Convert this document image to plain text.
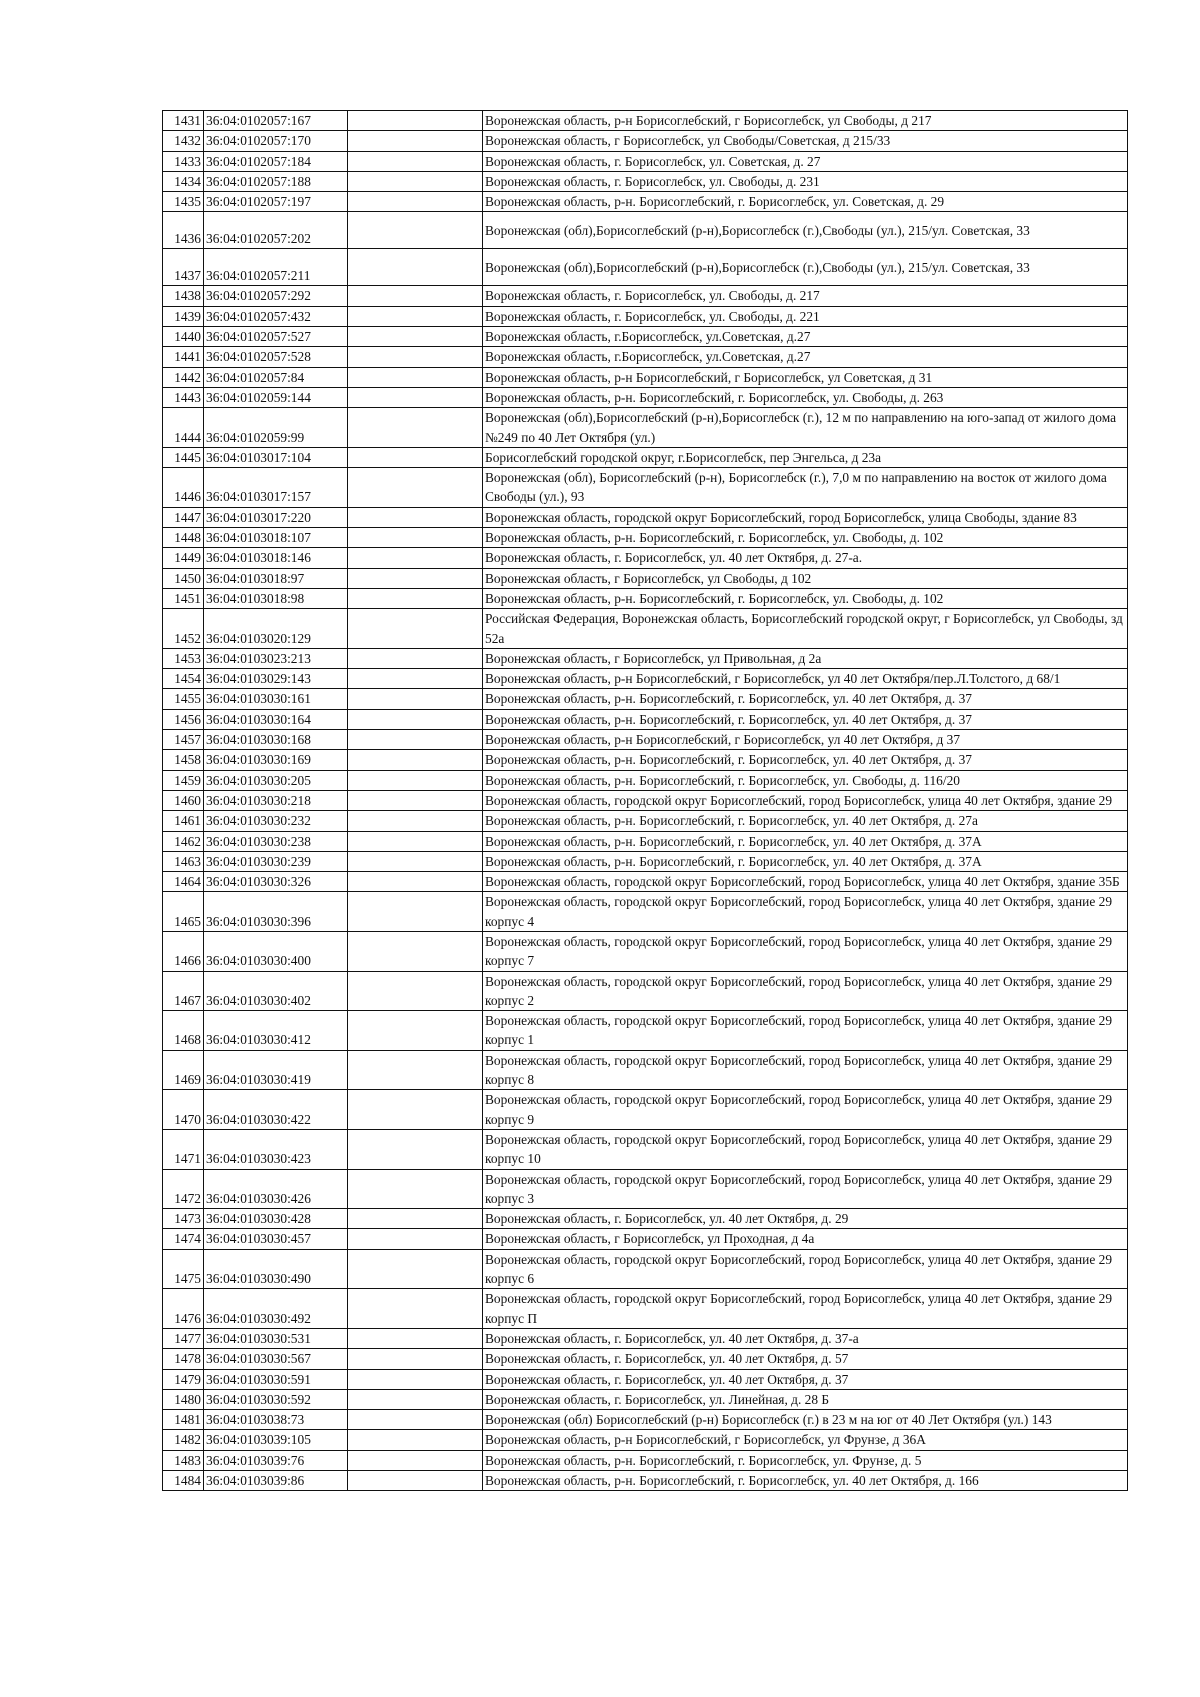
1431	36:04:0102057:167		Воронежская область, р-н Борисоглебский, г Борисоглебск, ул Свободы, д 217
1432	36:04:0102057:170		Воронежская область, г Борисоглебск, ул Свободы/Советская, д 215/33
1433	36:04:0102057:184		Воронежская область, г. Борисоглебск, ул. Советская, д. 27
1434	36:04:0102057:188		Воронежская область, г. Борисоглебск, ул. Свободы, д. 231
1435	36:04:0102057:197		Воронежская область, р-н. Борисоглебский, г. Борисоглебск, ул. Советская, д. 29
1436	36:04:0102057:202		Воронежская (обл),Борисоглебский (р-н),Борисоглебск (г.),Свободы (ул.), 215/ул. Советская, 33
1437	36:04:0102057:211		Воронежская (обл),Борисоглебский (р-н),Борисоглебск (г.),Свободы (ул.), 215/ул. Советская, 33
1438	36:04:0102057:292		Воронежская область, г. Борисоглебск, ул. Свободы, д. 217
1439	36:04:0102057:432		Воронежская область, г. Борисоглебск, ул. Свободы, д. 221
1440	36:04:0102057:527		Воронежская область, г.Борисоглебск, ул.Советская, д.27
1441	36:04:0102057:528		Воронежская область, г.Борисоглебск, ул.Советская, д.27
1442	36:04:0102057:84		Воронежская область, р-н Борисоглебский, г Борисоглебск, ул Советская, д 31
1443	36:04:0102059:144		Воронежская область, р-н. Борисоглебский, г. Борисоглебск, ул. Свободы, д. 263
1444	36:04:0102059:99		Воронежская (обл),Борисоглебский (р-н),Борисоглебск (г.), 12 м по направлению на юго-запад от жилого дома №249 по 40 Лет Октября (ул.)
1445	36:04:0103017:104		Борисоглебский городской округ, г.Борисоглебск, пер Энгельса, д 23а
1446	36:04:0103017:157		Воронежская (обл), Борисоглебский (р-н), Борисоглебск (г.), 7,0 м по направлению на восток от жилого дома Свободы (ул.), 93
1447	36:04:0103017:220		Воронежская область, городской округ Борисоглебский, город Борисоглебск, улица Свободы, здание 83
1448	36:04:0103018:107		Воронежская область, р-н. Борисоглебский, г. Борисоглебск, ул. Свободы, д. 102
1449	36:04:0103018:146		Воронежская область, г. Борисоглебск, ул. 40 лет Октября, д. 27-а.
1450	36:04:0103018:97		Воронежская область, г Борисоглебск, ул Свободы, д 102
1451	36:04:0103018:98		Воронежская область, р-н. Борисоглебский, г. Борисоглебск, ул. Свободы, д. 102
1452	36:04:0103020:129		Российская Федерация, Воронежская область, Борисоглебский городской округ, г Борисоглебск, ул Свободы, зд 52а
1453	36:04:0103023:213		Воронежская область, г Борисоглебск, ул Привольная, д 2а
1454	36:04:0103029:143		Воронежская область, р-н Борисоглебский, г Борисоглебск, ул 40 лет Октября/пер.Л.Толстого, д 68/1
1455	36:04:0103030:161		Воронежская область, р-н. Борисоглебский, г. Борисоглебск, ул. 40 лет Октября, д. 37
1456	36:04:0103030:164		Воронежская область, р-н. Борисоглебский, г. Борисоглебск, ул. 40 лет Октября, д. 37
1457	36:04:0103030:168		Воронежская область, р-н Борисоглебский, г Борисоглебск, ул 40 лет Октября, д 37
1458	36:04:0103030:169		Воронежская область, р-н. Борисоглебский, г. Борисоглебск, ул. 40 лет Октября, д. 37
1459	36:04:0103030:205		Воронежская область, р-н. Борисоглебский, г. Борисоглебск, ул. Свободы, д. 116/20
1460	36:04:0103030:218		Воронежская область, городской округ Борисоглебский, город Борисоглебск, улица 40 лет Октября, здание 29
1461	36:04:0103030:232		Воронежская область, р-н. Борисоглебский, г. Борисоглебск, ул. 40 лет Октября, д. 27а
1462	36:04:0103030:238		Воронежская область, р-н. Борисоглебский, г. Борисоглебск, ул. 40 лет Октября, д. 37А
1463	36:04:0103030:239		Воронежская область, р-н. Борисоглебский, г. Борисоглебск, ул. 40 лет Октября, д. 37А
1464	36:04:0103030:326		Воронежская область, городской округ Борисоглебский, город Борисоглебск, улица 40 лет Октября, здание 35Б
1465	36:04:0103030:396		Воронежская область, городской округ Борисоглебский, город Борисоглебск, улица 40 лет Октября, здание 29 корпус 4
1466	36:04:0103030:400		Воронежская область, городской округ Борисоглебский, город Борисоглебск, улица 40 лет Октября, здание 29 корпус 7
1467	36:04:0103030:402		Воронежская область, городской округ Борисоглебский, город Борисоглебск, улица 40 лет Октября, здание 29 корпус 2
1468	36:04:0103030:412		Воронежская область, городской округ Борисоглебский, город Борисоглебск, улица 40 лет Октября, здание 29 корпус 1
1469	36:04:0103030:419		Воронежская область, городской округ Борисоглебский, город Борисоглебск, улица 40 лет Октября, здание 29 корпус 8
1470	36:04:0103030:422		Воронежская область, городской округ Борисоглебский, город Борисоглебск, улица 40 лет Октября, здание 29 корпус 9
1471	36:04:0103030:423		Воронежская область, городской округ Борисоглебский, город Борисоглебск, улица 40 лет Октября, здание 29 корпус 10
1472	36:04:0103030:426		Воронежская область, городской округ Борисоглебский, город Борисоглебск, улица 40 лет Октября, здание 29 корпус 3
1473	36:04:0103030:428		Воронежская область, г. Борисоглебск, ул. 40 лет Октября, д. 29
1474	36:04:0103030:457		Воронежская область, г Борисоглебск, ул Проходная, д 4а
1475	36:04:0103030:490		Воронежская область, городской округ Борисоглебский, город Борисоглебск, улица 40 лет Октября, здание 29 корпус 6
1476	36:04:0103030:492		Воронежская область, городской округ Борисоглебский, город Борисоглебск, улица 40 лет Октября, здание 29 корпус П
1477	36:04:0103030:531		Воронежская область, г. Борисоглебск, ул. 40 лет Октября, д. 37-а
1478	36:04:0103030:567		Воронежская область, г. Борисоглебск, ул. 40 лет Октября, д. 57
1479	36:04:0103030:591		Воронежская область, г. Борисоглебск, ул. 40 лет Октября, д. 37
1480	36:04:0103030:592		Воронежская область, г. Борисоглебск, ул. Линейная, д. 28 Б
1481	36:04:0103038:73		Воронежская (обл) Борисоглебский (р-н) Борисоглебск (г.) в 23 м на юг от 40 Лет Октября (ул.) 143
1482	36:04:0103039:105		Воронежская область, р-н Борисоглебский, г Борисоглебск, ул Фрунзе, д 36А
1483	36:04:0103039:76		Воронежская область, р-н. Борисоглебский, г. Борисоглебск, ул. Фрунзе, д. 5
1484	36:04:0103039:86		Воронежская область, р-н. Борисоглебский, г. Борисоглебск, ул. 40 лет Октября, д. 166
